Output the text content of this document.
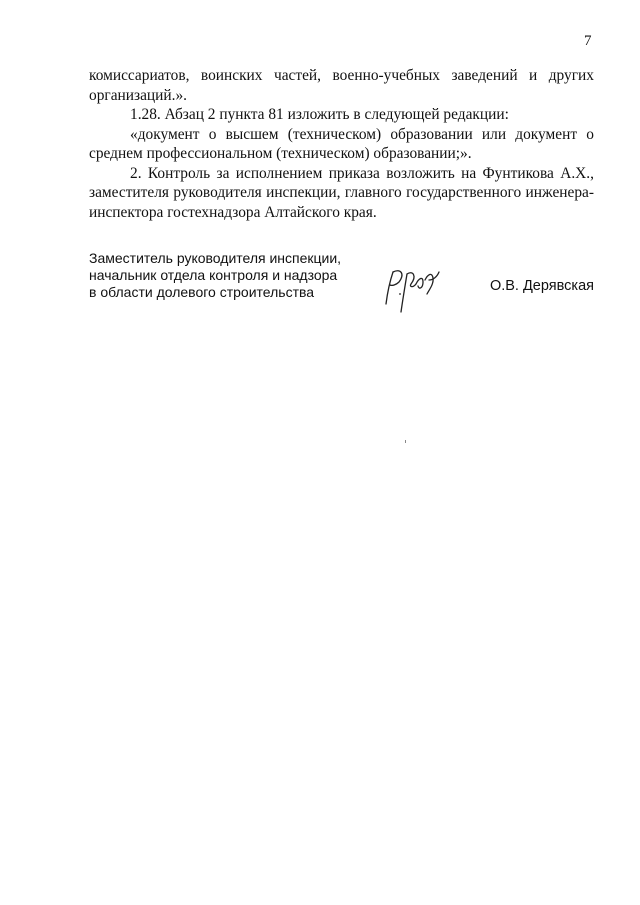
7

комиссариатов, воинских частей, военно-учебных заведений и других организаций.».

1.28. Абзац 2 пункта 81 изложить в следующей редакции:

«документ о высшем (техническом) образовании или документ о среднем профессиональном (техническом) образовании;».

2. Контроль за исполнением приказа возложить на Фунтикова А.Х., заместителя руководителя инспекции, главного государственного инженера-инспектора гостехнадзора Алтайского края.

Заместитель руководителя инспекции,
начальник отдела контроля и надзора
в области долевого строительства	О.В. Дерявская
